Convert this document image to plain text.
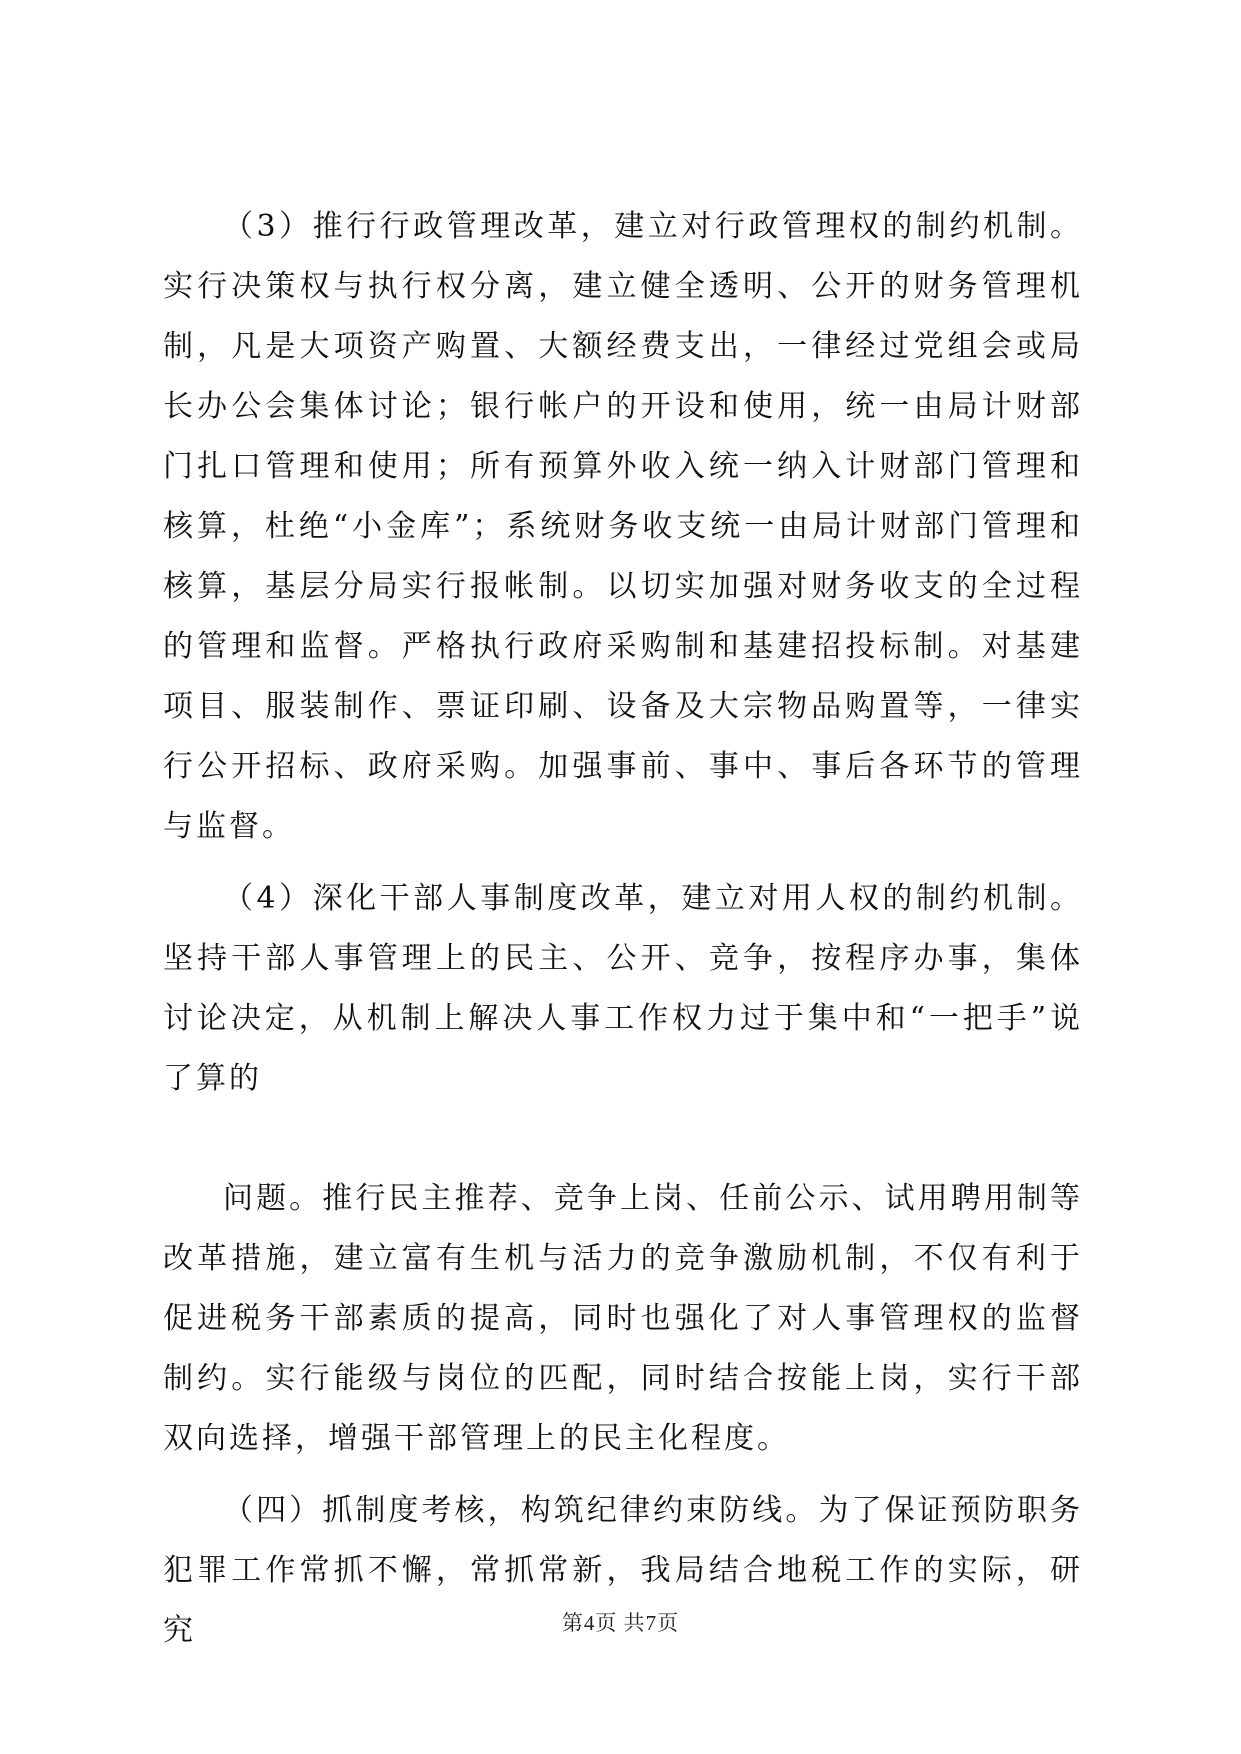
（3）推行行政管理改革，建立对行政管理权的制约机制。实行决策权与执行权分离，建立健全透明、公开的财务管理机制，凡是大项资产购置、大额经费支出，一律经过党组会或局长办公会集体讨论；银行帐户的开设和使用，统一由局计财部门扎口管理和使用；所有预算外收入统一纳入计财部门管理和核算，杜绝“小金库”；系统财务收支统一由局计财部门管理和核算，基层分局实行报帐制。以切实加强对财务收支的全过程的管理和监督。严格执行政府采购制和基建招投标制。对基建项目、服装制作、票证印刷、设备及大宗物品购置等，一律实行公开招标、政府采购。加强事前、事中、事后各环节的管理与监督。

（4）深化干部人事制度改革，建立对用人权的制约机制。坚持干部人事管理上的民主、公开、竞争，按程序办事，集体讨论决定，从机制上解决人事工作权力过于集中和“一把手”说了算的

问题。推行民主推荐、竞争上岗、任前公示、试用聘用制等改革措施，建立富有生机与活力的竞争激励机制，不仅有利于促进税务干部素质的提高，同时也强化了对人事管理权的监督制约。实行能级与岗位的匹配，同时结合按能上岗，实行干部双向选择，增强干部管理上的民主化程度。

（四）抓制度考核，构筑纪律约束防线。为了保证预防职务犯罪工作常抓不懈，常抓常新，我局结合地税工作的实际，研究	第4页 共7页
